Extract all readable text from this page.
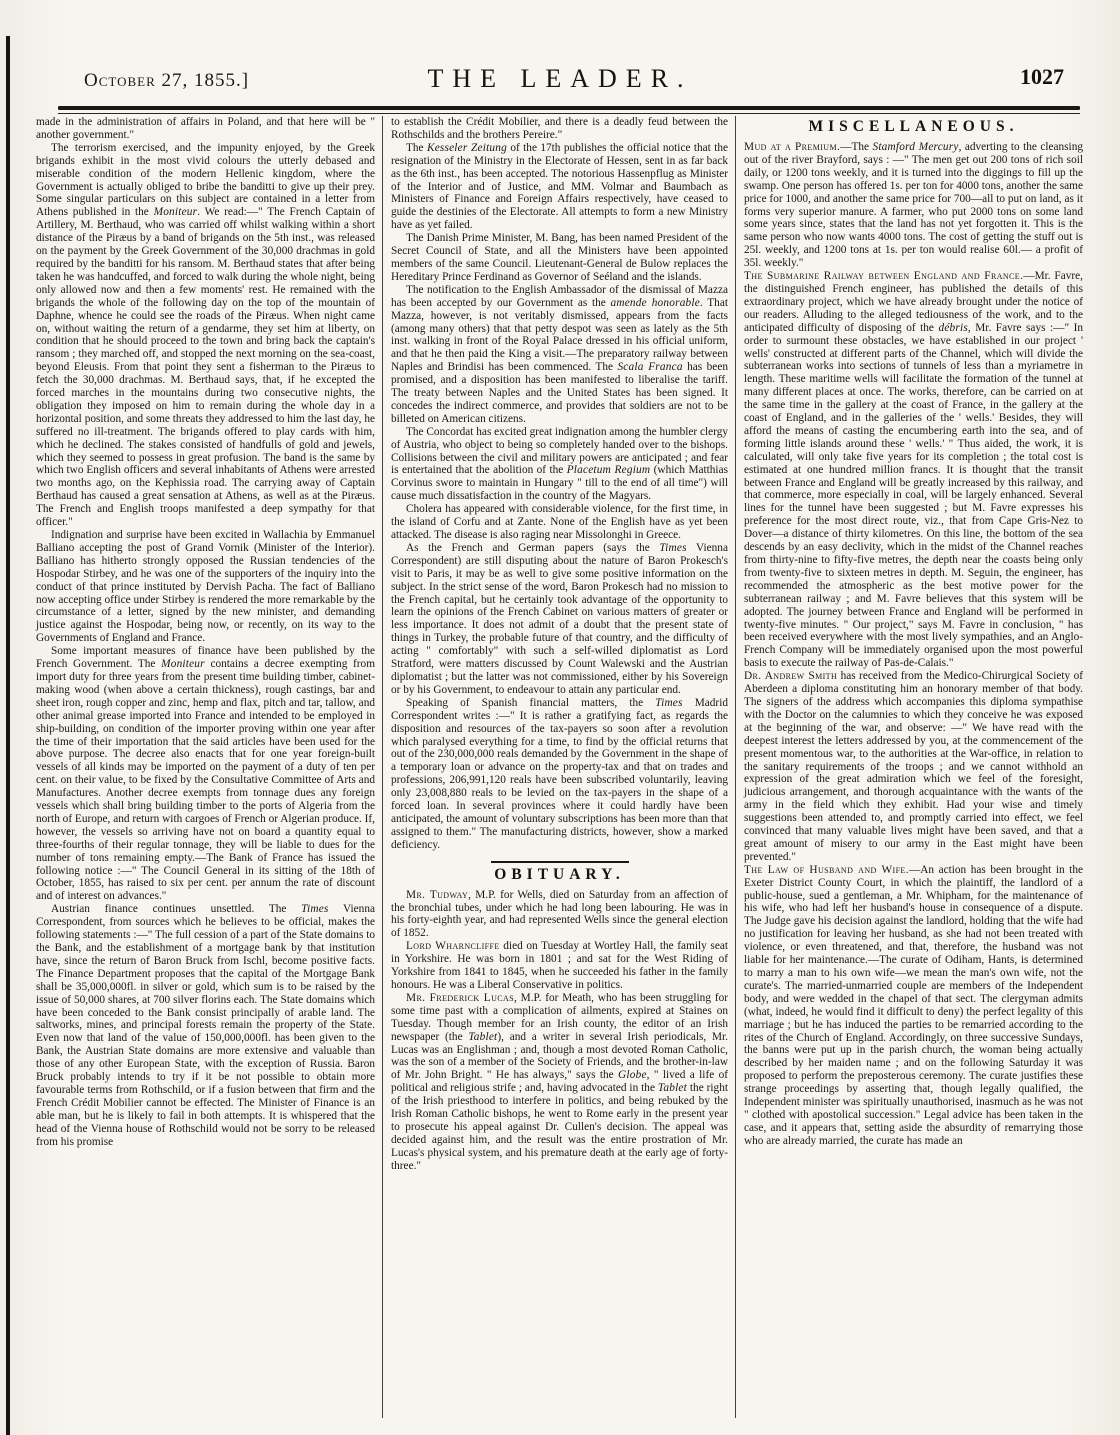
October 27, 1855.]	THE LEADER.	1027

made in the administration of affairs in Poland, and that here will be " another government."

The terrorism exercised, and the impunity enjoyed, by the Greek brigands exhibit in the most vivid colours the utterly debased and miserable condition of the modern Hellenic kingdom, where the Government is actually obliged to bribe the banditti to give up their prey. Some singular particulars on this subject are contained in a letter from Athens published in the Moniteur. We read:—" The French Captain of Artillery, M. Berthaud, who was carried off whilst walking within a short distance of the Piræus by a band of brigands on the 5th inst., was released on the payment by the Greek Government of the 30,000 drachmas in gold required by the banditti for his ransom. M. Berthaud states that after being taken he was handcuffed, and forced to walk during the whole night, being only allowed now and then a few moments' rest. He remained with the brigands the whole of the following day on the top of the mountain of Daphne, whence he could see the roads of the Piræus. When night came on, without waiting the return of a gendarme, they set him at liberty, on condition that he should proceed to the town and bring back the captain's ransom ; they marched off, and stopped the next morning on the sea-coast, beyond Eleusis. From that point they sent a fisherman to the Piræus to fetch the 30,000 drachmas. M. Berthaud says, that, if he excepted the forced marches in the mountains during two consecutive nights, the obligation they imposed on him to remain during the whole day in a horizontal position, and some threats they addressed to him the last day, he suffered no ill-treatment. The brigands offered to play cards with him, which he declined. The stakes consisted of handfulls of gold and jewels, which they seemed to possess in great profusion. The band is the same by which two English officers and several inhabitants of Athens were arrested two months ago, on the Kephissia road. The carrying away of Captain Berthaud has caused a great sensation at Athens, as well as at the Piræus. The French and English troops manifested a deep sympathy for that officer."

Indignation and surprise have been excited in Wallachia by Emmanuel Balliano accepting the post of Grand Vornik (Minister of the Interior). Balliano has hitherto strongly opposed the Russian tendencies of the Hospodar Stirbey, and he was one of the supporters of the inquiry into the conduct of that prince instituted by Dervish Pacha. The fact of Balliano now accepting office under Stirbey is rendered the more remarkable by the circumstance of a letter, signed by the new minister, and demanding justice against the Hospodar, being now, or recently, on its way to the Governments of England and France.

Some important measures of finance have been published by the French Government. The Moniteur contains a decree exempting from import duty for three years from the present time building timber, cabinet-making wood (when above a certain thickness), rough castings, bar and sheet iron, rough copper and zinc, hemp and flax, pitch and tar, tallow, and other animal grease imported into France and intended to be employed in ship-building, on condition of the importer proving within one year after the time of their importation that the said articles have been used for the above purpose. The decree also enacts that for one year foreign-built vessels of all kinds may be imported on the payment of a duty of ten per cent. on their value, to be fixed by the Consultative Committee of Arts and Manufactures. Another decree exempts from tonnage dues any foreign vessels which shall bring building timber to the ports of Algeria from the north of Europe, and return with cargoes of French or Algerian produce. If, however, the vessels so arriving have not on board a quantity equal to three-fourths of their regular tonnage, they will be liable to dues for the number of tons remaining empty.—The Bank of France has issued the following notice :—" The Council General in its sitting of the 18th of October, 1855, has raised to six per cent. per annum the rate of discount and of interest on advances."

Austrian finance continues unsettled. The Times Vienna Correspondent, from sources which he believes to be official, makes the following statements :—" The full cession of a part of the State domains to the Bank, and the establishment of a mortgage bank by that institution have, since the return of Baron Bruck from Ischl, become positive facts. The Finance Department proposes that the capital of the Mortgage Bank shall be 35,000,000fl. in silver or gold, which sum is to be raised by the issue of 50,000 shares, at 700 silver florins each. The State domains which have been conceded to the Bank consist principally of arable land. The saltworks, mines, and principal forests remain the property of the State. Even now that land of the value of 150,000,000fl. has been given to the Bank, the Austrian State domains are more extensive and valuable than those of any other European State, with the exception of Russia. Baron Bruck probably intends to try if it be not possible to obtain more favourable terms from Rothschild, or if a fusion between that firm and the French Crédit Mobilier cannot be effected. The Minister of Finance is an able man, but he is likely to fail in both attempts. It is whispered that the head of the Vienna house of Rothschild would not be sorry to be released from his promise

to establish the Crédit Mobilier, and there is a deadly feud between the Rothschilds and the brothers Pereire."

The Kesseler Zeitung of the 17th publishes the official notice that the resignation of the Ministry in the Electorate of Hessen, sent in as far back as the 6th inst., has been accepted. The notorious Hassenpflug as Minister of the Interior and of Justice, and MM. Volmar and Baumbach as Ministers of Finance and Foreign Affairs respectively, have ceased to guide the destinies of the Electorate. All attempts to form a new Ministry have as yet failed.

The Danish Prime Minister, M. Bang, has been named President of the Secret Council of State, and all the Ministers have been appointed members of the same Council. Lieutenant-General de Bulow replaces the Hereditary Prince Ferdinand as Governor of Seéland and the islands.

The notification to the English Ambassador of the dismissal of Mazza has been accepted by our Government as the amende honorable. That Mazza, however, is not veritably dismissed, appears from the facts (among many others) that that petty despot was seen as lately as the 5th inst. walking in front of the Royal Palace dressed in his official uniform, and that he then paid the King a visit.—The preparatory railway between Naples and Brindisi has been commenced. The Scala Franca has been promised, and a disposition has been manifested to liberalise the tariff. The treaty between Naples and the United States has been signed. It concedes the indirect commerce, and provides that soldiers are not to be billeted on American citizens.

The Concordat has excited great indignation among the humbler clergy of Austria, who object to being so completely handed over to the bishops. Collisions between the civil and military powers are anticipated ; and fear is entertained that the abolition of the Placetum Regium (which Matthias Corvinus swore to maintain in Hungary " till to the end of all time") will cause much dissatisfaction in the country of the Magyars.

Cholera has appeared with considerable violence, for the first time, in the island of Corfu and at Zante. None of the English have as yet been attacked. The disease is also raging near Missolonghi in Greece.

As the French and German papers (says the Times Vienna Correspondent) are still disputing about the nature of Baron Prokesch's visit to Paris, it may be as well to give some positive information on the subject. In the strict sense of the word, Baron Prokesch had no mission to the French capital, but he certainly took advantage of the opportunity to learn the opinions of the French Cabinet on various matters of greater or less importance. It does not admit of a doubt that the present state of things in Turkey, the probable future of that country, and the difficulty of acting " comfortably" with such a self-willed diplomatist as Lord Stratford, were matters discussed by Count Walewski and the Austrian diplomatist ; but the latter was not commissioned, either by his Sovereign or by his Government, to endeavour to attain any particular end.

Speaking of Spanish financial matters, the Times Madrid Correspondent writes :—" It is rather a gratifying fact, as regards the disposition and resources of the tax-payers so soon after a revolution which paralysed everything for a time, to find by the official returns that out of the 230,000,000 reals demanded by the Government in the shape of a temporary loan or advance on the property-tax and that on trades and professions, 206,991,120 reals have been subscribed voluntarily, leaving only 23,008,880 reals to be levied on the tax-payers in the shape of a forced loan. In several provinces where it could hardly have been anticipated, the amount of voluntary subscriptions has been more than that assigned to them." The manufacturing districts, however, show a marked deficiency.

OBITUARY.

Mr. Tudway, M.P. for Wells, died on Saturday from an affection of the bronchial tubes, under which he had long been labouring. He was in his forty-eighth year, and had represented Wells since the general election of 1852.

Lord Wharncliffe died on Tuesday at Wortley Hall, the family seat in Yorkshire. He was born in 1801 ; and sat for the West Riding of Yorkshire from 1841 to 1845, when he succeeded his father in the family honours. He was a Liberal Conservative in politics.

Mr. Frederick Lucas, M.P. for Meath, who has been struggling for some time past with a complication of ailments, expired at Staines on Tuesday. Though member for an Irish county, the editor of an Irish newspaper (the Tablet), and a writer in several Irish periodicals, Mr. Lucas was an Englishman ; and, though a most devoted Roman Catholic, was the son of a member of the Society of Friends, and the brother-in-law of Mr. John Bright. " He has always," says the Globe, " lived a life of political and religious strife ; and, having advocated in the Tablet the right of the Irish priesthood to interfere in politics, and being rebuked by the Irish Roman Catholic bishops, he went to Rome early in the present year to prosecute his appeal against Dr. Cullen's decision. The appeal was decided against him, and the result was the entire prostration of Mr. Lucas's physical system, and his premature death at the early age of forty-three."

MISCELLANEOUS.

Mud at a Premium.—The Stamford Mercury, adverting to the cleansing out of the river Brayford, says : —" The men get out 200 tons of rich soil daily, or 1200 tons weekly, and it is turned into the diggings to fill up the swamp. One person has offered 1s. per ton for 4000 tons, another the same price for 1000, and another the same price for 700—all to put on land, as it forms very superior manure. A farmer, who put 2000 tons on some land some years since, states that the land has not yet forgotten it. This is the same person who now wants 4000 tons. The cost of getting the stuff out is 25l. weekly, and 1200 tons at 1s. per ton would realise 60l.— a profit of 35l. weekly."

The Submarine Railway between England and France.—Mr. Favre, the distinguished French engineer, has published the details of this extraordinary project, which we have already brought under the notice of our readers. Alluding to the alleged tediousness of the work, and to the anticipated difficulty of disposing of the débris, Mr. Favre says :—" In order to surmount these obstacles, we have established in our project ' wells' constructed at different parts of the Channel, which will divide the subterranean works into sections of tunnels of less than a myriametre in length. These maritime wells will facilitate the formation of the tunnel at many different places at once. The works, therefore, can be carried on at the same time in the gallery at the coast of France, in the gallery at the coast of England, and in the galleries of the ' wells.' Besides, they will afford the means of casting the encumbering earth into the sea, and of forming little islands around these ' wells.' " Thus aided, the work, it is calculated, will only take five years for its completion ; the total cost is estimated at one hundred million francs. It is thought that the transit between France and England will be greatly increased by this railway, and that commerce, more especially in coal, will be largely enhanced. Several lines for the tunnel have been suggested ; but M. Favre expresses his preference for the most direct route, viz., that from Cape Gris-Nez to Dover—a distance of thirty kilometres. On this line, the bottom of the sea descends by an easy declivity, which in the midst of the Channel reaches from thirty-nine to fifty-five metres, the depth near the coasts being only from twenty-five to sixteen metres in depth. M. Seguin, the engineer, has recommended the atmospheric as the best motive power for the subterranean railway ; and M. Favre believes that this system will be adopted. The journey between France and England will be performed in twenty-five minutes. " Our project," says M. Favre in conclusion, " has been received everywhere with the most lively sympathies, and an Anglo-French Company will be immediately organised upon the most powerful basis to execute the railway of Pas-de-Calais."

Dr. Andrew Smith has received from the Medico-Chirurgical Society of Aberdeen a diploma constituting him an honorary member of that body. The signers of the address which accompanies this diploma sympathise with the Doctor on the calumnies to which they conceive he was exposed at the beginning of the war, and observe: —" We have read with the deepest interest the letters addressed by you, at the commencement of the present momentous war, to the authorities at the War-office, in relation to the sanitary requirements of the troops ; and we cannot withhold an expression of the great admiration which we feel of the foresight, judicious arrangement, and thorough acquaintance with the wants of the army in the field which they exhibit. Had your wise and timely suggestions been attended to, and promptly carried into effect, we feel convinced that many valuable lives might have been saved, and that a great amount of misery to our army in the East might have been prevented."

The Law of Husband and Wife.—An action has been brought in the Exeter District County Court, in which the plaintiff, the landlord of a public-house, sued a gentleman, a Mr. Whipham, for the maintenance of his wife, who had left her husband's house in consequence of a dispute. The Judge gave his decision against the landlord, holding that the wife had no justification for leaving her husband, as she had not been treated with violence, or even threatened, and that, therefore, the husband was not liable for her maintenance.—The curate of Odiham, Hants, is determined to marry a man to his own wife—we mean the man's own wife, not the curate's. The married-unmarried couple are members of the Independent body, and were wedded in the chapel of that sect. The clergyman admits (what, indeed, he would find it difficult to deny) the perfect legality of this marriage ; but he has induced the parties to be remarried according to the rites of the Church of England. Accordingly, on three successive Sundays, the banns were put up in the parish church, the woman being actually described by her maiden name ; and on the following Saturday it was proposed to perform the preposterous ceremony. The curate justifies these strange proceedings by asserting that, though legally qualified, the Independent minister was spiritually unauthorised, inasmuch as he was not " clothed with apostolical succession." Legal advice has been taken in the case, and it appears that, setting aside the absurdity of remarrying those who are already married, the curate has made an
